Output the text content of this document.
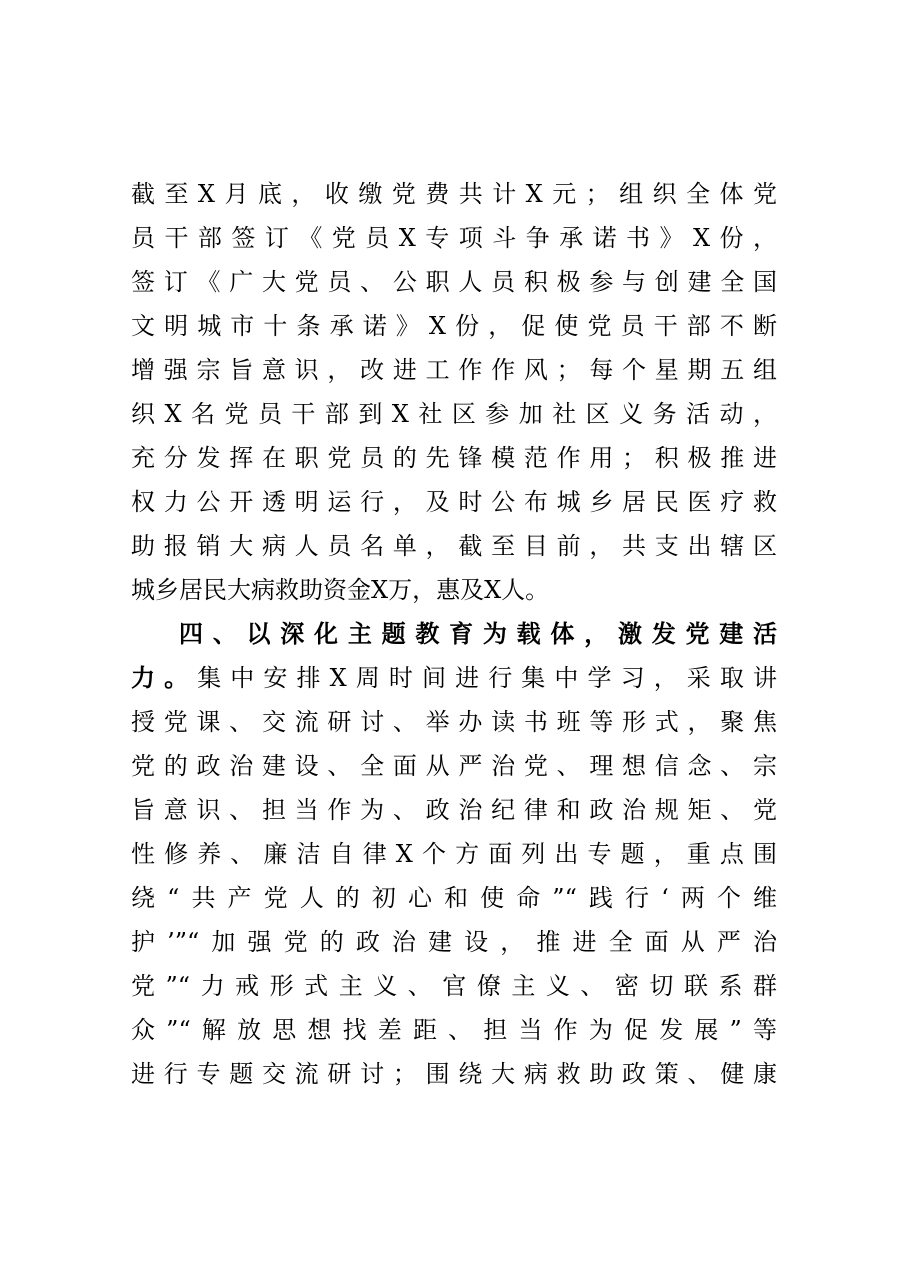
截至X月底，收缴党费共计X元；组织全体党
员干部签订《党员X专项斗争承诺书》X份，
签订《广大党员、公职人员积极参与创建全国
文明城市十条承诺》X份，促使党员干部不断
增强宗旨意识，改进工作作风；每个星期五组
织X名党员干部到X社区参加社区义务活动，
充分发挥在职党员的先锋模范作用；积极推进
权力公开透明运行，及时公布城乡居民医疗救
助报销大病人员名单，截至目前，共支出辖区
城乡居民大病救助资金X万，惠及X人。
四、以深化主题教育为载体，激发党建活
力。集中安排X周时间进行集中学习，采取讲
授党课、交流研讨、举办读书班等形式，聚焦
党的政治建设、全面从严治党、理想信念、宗
旨意识、担当作为、政治纪律和政治规矩、党
性修养、廉洁自律X个方面列出专题，重点围
绕“共产党人的初心和使命”“践行‘两个维
护’”“加强党的政治建设，推进全面从严治
党”“力戒形式主义、官僚主义、密切联系群
众”“解放思想找差距、担当作为促发展”等
进行专题交流研讨；围绕大病救助政策、健康
